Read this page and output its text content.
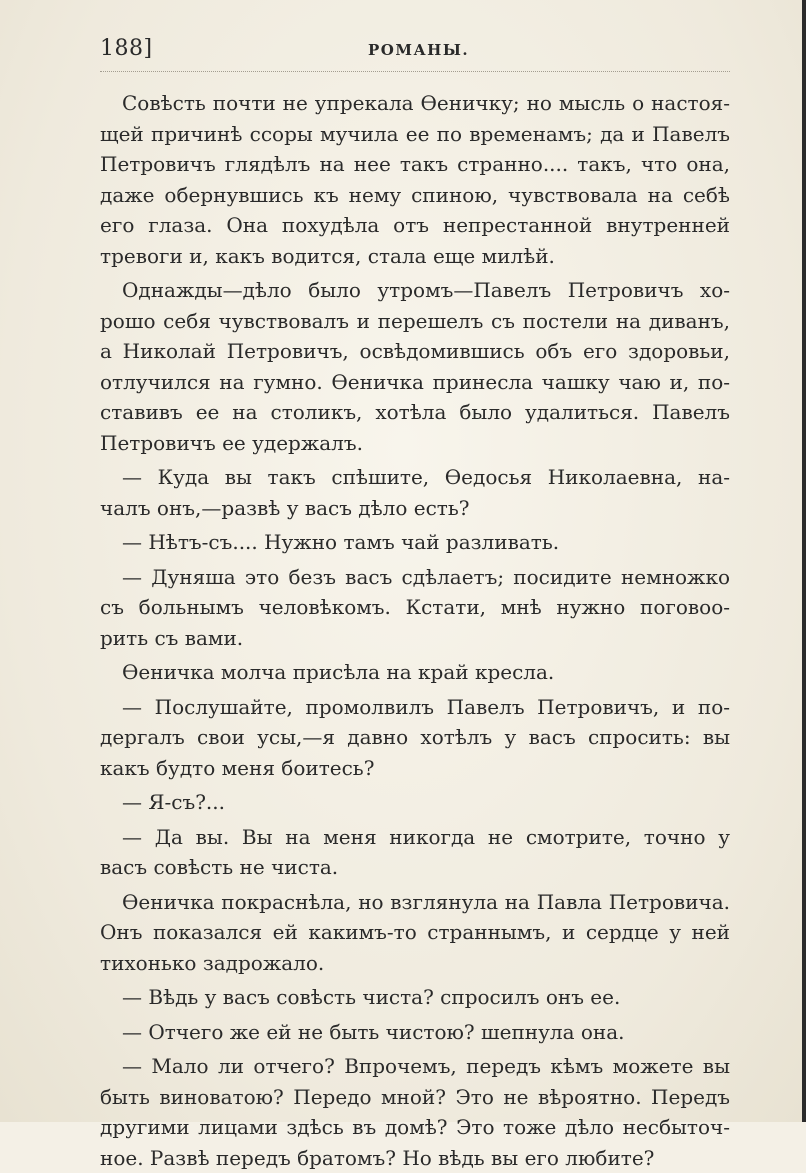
188]	РОМАНЫ.
Совѣсть почти не упрекала Ѳеничку; но мысль о настоя-
щей причинѣ ссоры мучила ее по временамъ; да и Павелъ
Петровичъ глядѣлъ на нее такъ странно.... такъ, что она,
даже обернувшись къ нему спиною, чувствовала на себѣ
его глаза. Она похудѣла отъ непрестанной внутренней
тревоги и, какъ водится, стала еще милѣй.
Однажды—дѣло было утромъ—Павелъ Петровичъ хо-
рошо себя чувствовалъ и перешелъ съ постели на диванъ,
а Николай Петровичъ, освѣдомившись объ его здоровьи,
отлучился на гумно. Ѳеничка принесла чашку чаю и, по-
ставивъ ее на столикъ, хотѣла было удалиться. Павелъ
Петровичъ ее удержалъ.
— Куда вы такъ спѣшите, Ѳедосья Николаевна, на-
чалъ онъ,—развѣ у васъ дѣло есть?
— Нѣтъ-съ.... Нужно тамъ чай разливать.
— Дуняша это безъ васъ сдѣлаетъ; посидите немножко
съ больнымъ человѣкомъ. Кстати, мнѣ нужно поговоо-
рить съ вами.
Ѳеничка молча присѣла на край кресла.
— Послушайте, промолвилъ Павелъ Петровичъ, и по-
дергалъ свои усы,—я давно хотѣлъ у васъ спросить: вы
какъ будто меня боитесь?
— Я-съ?...
— Да вы. Вы на меня никогда не смотрите, точно у
васъ совѣсть не чиста.
Ѳеничка покраснѣла, но взглянула на Павла Петровича.
Онъ показался ей какимъ-то страннымъ, и сердце у ней
тихонько задрожало.
— Вѣдь у васъ совѣсть чиста? спросилъ онъ ее.
— Отчего же ей не быть чистою? шепнула она.
— Мало ли отчего? Впрочемъ, передъ кѣмъ можете вы
быть виноватою? Передо мной? Это не вѣроятно. Передъ
другими лицами здѣсь въ домѣ? Это тоже дѣло несбыточ-
ное. Развѣ передъ братомъ? Но вѣдь вы его любите?
